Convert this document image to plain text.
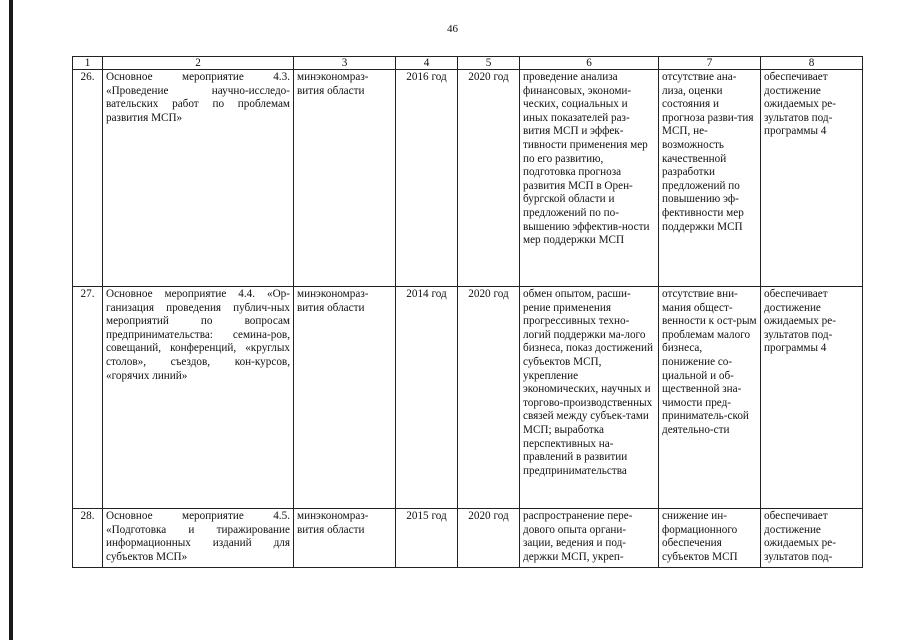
46
1	2	3	4	5	6	7	8
26.	Основное мероприятие 4.3. «Проведение научно-исследо-вательских работ по проблемам развития МСП»	минэкономраз-вития области	2016 год	2020 год	проведение анализа финансовых, экономи-ческих, социальных и иных показателей раз-вития МСП и эффек-тивности применения мер по его развитию, подготовка прогноза развития МСП в Орен-бургской области и предложений по по-вышению эффектив-ности мер поддержки МСП	отсутствие ана-лиза, оценки состояния и прогноза разви-тия МСП, не-возможность качественной разработки предложений по повышению эф-фективности мер поддержки МСП	обеспечивает достижение ожидаемых ре-зультатов под-программы 4
27.	Основное мероприятие 4.4. «Ор-ганизация проведения публич-ных мероприятий по вопросам предпринимательства: семина-ров, совещаний, конференций, «круглых столов», съездов, кон-курсов, «горячих линий»	минэкономраз-вития области	2014 год	2020 год	обмен опытом, расши-рение применения прогрессивных техно-логий поддержки ма-лого бизнеса, показ достижений субъектов МСП, укрепление экономических, научных и торгово-производственных связей между субъек-тами МСП; выработка перспективных на-правлений в развитии предпринимательства	отсутствие вни-мания общест-венности к ост-рым проблемам малого бизнеса, понижение со-циальной и об-щественной зна-чимости пред-приниматель-ской деятельно-сти	обеспечивает достижение ожидаемых ре-зультатов под-программы 4
28.	Основное мероприятие 4.5. «Подготовка и тиражирование информационных изданий для субъектов МСП»	минэкономраз-вития области	2015 год	2020 год	распространение пере-дового опыта органи-зации, ведения и под-держки МСП, укреп-	снижение ин-формационного обеспечения субъектов МСП	обеспечивает достижение ожидаемых ре-зультатов под-
